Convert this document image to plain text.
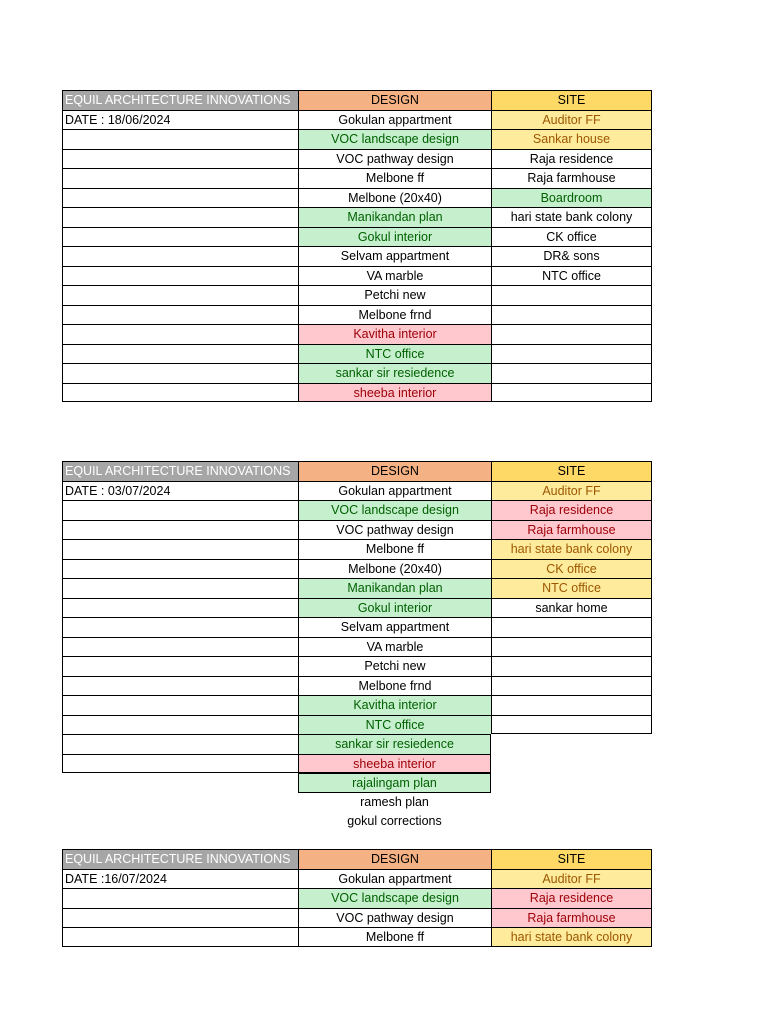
EQUIL ARCHITECTURE INNOVATIONS	DESIGN	SITE
DATE : 18/06/2024	Gokulan appartment	Auditor FF
VOC landscape design	Sankar house
VOC pathway design	Raja residence
Melbone ff	Raja farmhouse
Melbone (20x40)	Boardroom
Manikandan plan	hari state bank colony
Gokul interior	CK office
Selvam appartment	DR& sons
VA marble	NTC office
Petchi new
Melbone frnd
Kavitha interior
NTC office
sankar sir resiedence
sheeba interior
EQUIL ARCHITECTURE INNOVATIONS	DESIGN	SITE
DATE : 03/07/2024	Gokulan appartment	Auditor FF
VOC landscape design	Raja residence
VOC pathway design	Raja farmhouse
Melbone ff	hari state bank colony
Melbone (20x40)	CK office
Manikandan plan	NTC office
Gokul interior	sankar home
Selvam appartment
VA marble
Petchi new
Melbone frnd
Kavitha interior
NTC office
sankar sir resiedence
sheeba interior
rajalingam plan
ramesh plan
gokul corrections
EQUIL ARCHITECTURE INNOVATIONS	DESIGN	SITE
DATE :16/07/2024	Gokulan appartment	Auditor FF
VOC landscape design	Raja residence
VOC pathway design	Raja farmhouse
Melbone ff	hari state bank colony
